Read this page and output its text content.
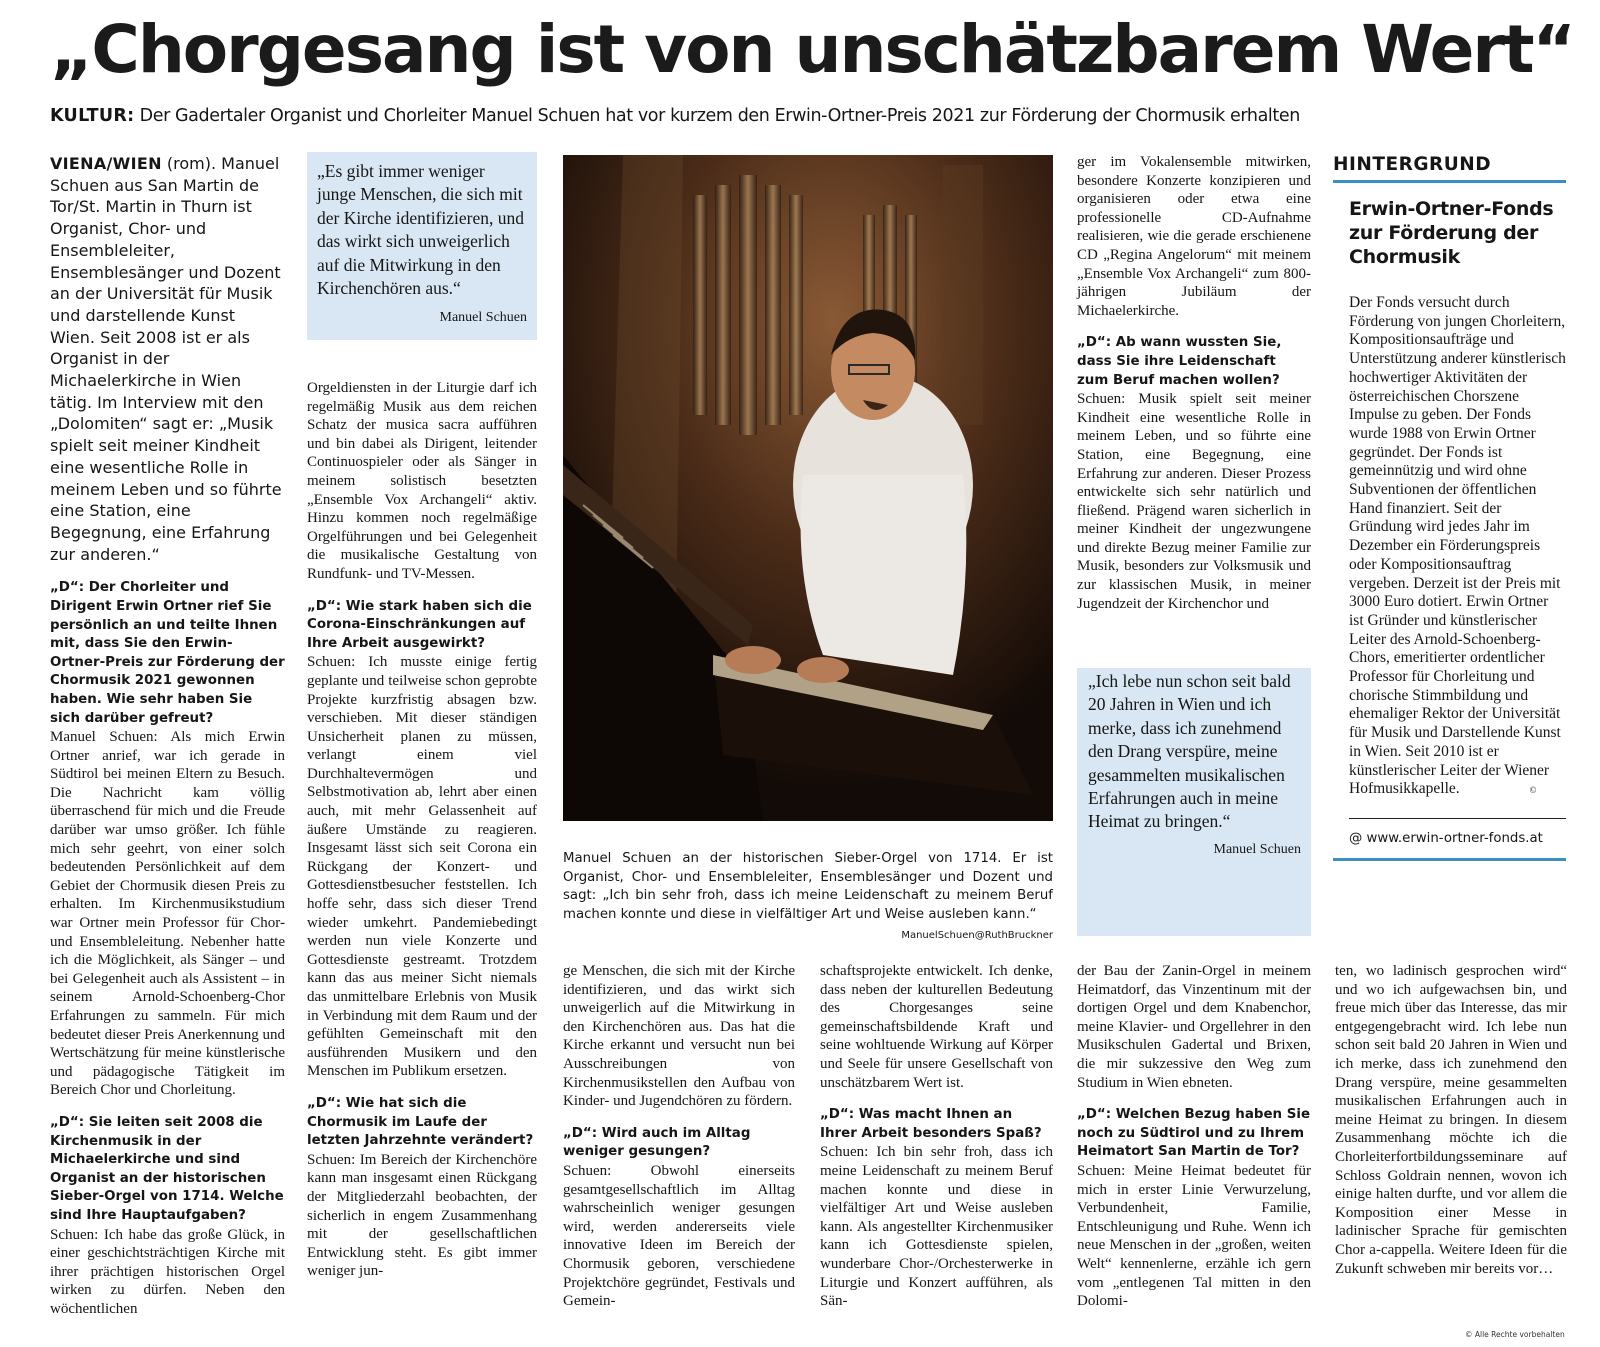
„Chorgesang ist von unschätzbarem Wert“

KULTUR: Der Gadertaler Organist und Chorleiter Manuel Schuen hat vor kurzem den Erwin-Ortner-Preis 2021 zur Förderung der Chormusik erhalten

VIENA/WIEN (rom). Manuel Schuen aus San Martin de Tor/St. Martin in Thurn ist Organist, Chor- und Ensembleleiter, Ensemblesänger und Dozent an der Universität für Musik und darstellende Kunst Wien. Seit 2008 ist er als Organist in der Michaelerkirche in Wien tätig. Im Interview mit den „Dolomiten“ sagt er: „Musik spielt seit meiner Kindheit eine wesentliche Rolle in meinem Leben und so führte eine Station, eine Begegnung, eine Erfahrung zur anderen.“

„D“: Der Chorleiter und Dirigent Erwin Ortner rief Sie persönlich an und teilte Ihnen mit, dass Sie den Erwin-Ortner-Preis zur Förderung der Chormusik 2021 gewonnen haben. Wie sehr haben Sie sich darüber gefreut?

Manuel Schuen: Als mich Erwin Ortner anrief, war ich gerade in Südtirol bei meinen Eltern zu Besuch. Die Nachricht kam völlig überraschend für mich und die Freude darüber war umso größer. Ich fühle mich sehr geehrt, von einer solch bedeutenden Persönlichkeit auf dem Gebiet der Chormusik diesen Preis zu erhalten. Im Kirchenmusikstudium war Ortner mein Professor für Chor- und Ensembleleitung. Nebenher hatte ich die Möglichkeit, als Sänger – und bei Gelegenheit auch als Assistent – in seinem Arnold-Schoenberg-Chor Erfahrungen zu sammeln. Für mich bedeutet dieser Preis Anerkennung und Wertschätzung für meine künstlerische und pädagogische Tätigkeit im Bereich Chor und Chorleitung.

„D“: Sie leiten seit 2008 die Kirchenmusik in der Michaelerkirche und sind Organist an der historischen Sieber-Orgel von 1714. Welche sind Ihre Hauptaufgaben?

Schuen: Ich habe das große Glück, in einer geschichtsträchtigen Kirche mit ihrer prächtigen historischen Orgel wirken zu dürfen. Neben den wöchentlichen

„Es gibt immer weniger junge Menschen, die sich mit der Kirche identifizieren, und das wirkt sich unweigerlich auf die Mitwirkung in den Kirchenchören aus.“

Manuel Schuen

Orgeldiensten in der Liturgie darf ich regelmäßig Musik aus dem reichen Schatz der musica sacra aufführen und bin dabei als Dirigent, leitender Continuospieler oder als Sänger in meinem solistisch besetzten „Ensemble Vox Archangeli“ aktiv. Hinzu kommen noch regelmäßige Orgelführungen und bei Gelegenheit die musikalische Gestaltung von Rundfunk- und TV-Messen.

„D“: Wie stark haben sich die Corona-Einschränkungen auf Ihre Arbeit ausgewirkt?

Schuen: Ich musste einige fertig geplante und teilweise schon geprobte Projekte kurzfristig absagen bzw. verschieben. Mit dieser ständigen Unsicherheit planen zu müssen, verlangt einem viel Durchhaltevermögen und Selbstmotivation ab, lehrt aber einen auch, mit mehr Gelassenheit auf äußere Umstände zu reagieren. Insgesamt lässt sich seit Corona ein Rückgang der Konzert- und Gottesdienstbesucher feststellen. Ich hoffe sehr, dass sich dieser Trend wieder umkehrt. Pandemiebedingt werden nun viele Konzerte und Gottesdienste gestreamt. Trotzdem kann das aus meiner Sicht niemals das unmittelbare Erlebnis von Musik in Verbindung mit dem Raum und der gefühlten Gemeinschaft mit den ausführenden Musikern und den Menschen im Publikum ersetzen.

„D“: Wie hat sich die Chormusik im Laufe der letzten Jahrzehnte verändert?

Schuen: Im Bereich der Kirchenchöre kann man insgesamt einen Rückgang der Mitgliederzahl beobachten, der sicherlich in engem Zusammenhang mit der gesellschaftlichen Entwicklung steht. Es gibt immer weniger jun-

Manuel Schuen an der historischen Sieber-Orgel von 1714. Er ist Organist, Chor- und Ensembleleiter, Ensemblesänger und Dozent und sagt: „Ich bin sehr froh, dass ich meine Leidenschaft zu meinem Beruf machen konnte und diese in vielfältiger Art und Weise ausleben kann.“

ManuelSchuen@RuthBruckner

ge Menschen, die sich mit der Kirche identifizieren, und das wirkt sich unweigerlich auf die Mitwirkung in den Kirchenchören aus. Das hat die Kirche erkannt und versucht nun bei Ausschreibungen von Kirchenmusikstellen den Aufbau von Kinder- und Jugendchören zu fördern.

„D“: Wird auch im Alltag weniger gesungen?

Schuen: Obwohl einerseits gesamtgesellschaftlich im Alltag wahrscheinlich weniger gesungen wird, werden andererseits viele innovative Ideen im Bereich der Chormusik geboren, verschiedene Projektchöre gegründet, Festivals und Gemein-

schaftsprojekte entwickelt. Ich denke, dass neben der kulturellen Bedeutung des Chorgesanges seine gemeinschaftsbildende Kraft und seine wohltuende Wirkung auf Körper und Seele für unsere Gesellschaft von unschätzbarem Wert ist.

„D“: Was macht Ihnen an Ihrer Arbeit besonders Spaß?

Schuen: Ich bin sehr froh, dass ich meine Leidenschaft zu meinem Beruf machen konnte und diese in vielfältiger Art und Weise ausleben kann. Als angestellter Kirchenmusiker kann ich Gottesdienste spielen, wunderbare Chor-/Orchesterwerke in Liturgie und Konzert aufführen, als Sän-

ger im Vokalensemble mitwirken, besondere Konzerte konzipieren und organisieren oder etwa eine professionelle CD-Aufnahme realisieren, wie die gerade erschienene CD „Regina Angelorum“ mit meinem „Ensemble Vox Archangeli“ zum 800-jährigen Jubiläum der Michaelerkirche.

„D“: Ab wann wussten Sie, dass Sie ihre Leidenschaft zum Beruf machen wollen?

Schuen: Musik spielt seit meiner Kindheit eine wesentliche Rolle in meinem Leben, und so führte eine Station, eine Begegnung, eine Erfahrung zur anderen. Dieser Prozess entwickelte sich sehr natürlich und fließend. Prägend waren sicherlich in meiner Kindheit der ungezwungene und direkte Bezug meiner Familie zur Musik, besonders zur Volksmusik und zur klassischen Musik, in meiner Jugendzeit der Kirchenchor und

„Ich lebe nun schon seit bald 20 Jahren in Wien und ich merke, dass ich zunehmend den Drang verspüre, meine gesammelten musikalischen Erfahrungen auch in meine Heimat zu bringen.“

Manuel Schuen

der Bau der Zanin-Orgel in meinem Heimatdorf, das Vinzentinum mit der dortigen Orgel und dem Knabenchor, meine Klavier- und Orgellehrer in den Musikschulen Gadertal und Brixen, die mir sukzessive den Weg zum Studium in Wien ebneten.

„D“: Welchen Bezug haben Sie noch zu Südtirol und zu Ihrem Heimatort San Martin de Tor?

Schuen: Meine Heimat bedeutet für mich in erster Linie Verwurzelung, Verbundenheit, Familie, Entschleunigung und Ruhe. Wenn ich neue Menschen in der „großen, weiten Welt“ kennenlerne, erzähle ich gern vom „entlegenen Tal mitten in den Dolomi-

ten, wo ladinisch gesprochen wird“ und wo ich aufgewachsen bin, und freue mich über das Interesse, das mir entgegengebracht wird. Ich lebe nun schon seit bald 20 Jahren in Wien und ich merke, dass ich zunehmend den Drang verspüre, meine gesammelten musikalischen Erfahrungen auch in meine Heimat zu bringen. In diesem Zusammenhang möchte ich die Chorleiterfortbildungsseminare auf Schloss Goldrain nennen, wovon ich einige halten durfte, und vor allem die Komposition einer Messe in ladinischer Sprache für gemischten Chor a-cappella. Weitere Ideen für die Zukunft schweben mir bereits vor…

HINTERGRUND

Erwin-Ortner-Fonds zur Förderung der Chormusik

Der Fonds versucht durch Förderung von jungen Chorleitern, Kompositionsaufträge und Unterstützung anderer künstlerisch hochwertiger Aktivitäten der österreichischen Chorszene Impulse zu geben. Der Fonds wurde 1988 von Erwin Ortner gegründet. Der Fonds ist gemeinnützig und wird ohne Subventionen der öffentlichen Hand finanziert. Seit der Gründung wird jedes Jahr im Dezember ein Förderungspreis oder Kompositionsauftrag vergeben. Derzeit ist der Preis mit 3000 Euro dotiert. Erwin Ortner ist Gründer und künstlerischer Leiter des Arnold-Schoenberg-Chors, emeritierter ordentlicher Professor für Chorleitung und chorische Stimmbildung und ehemaliger Rektor der Universität für Musik und Darstellende Kunst in Wien. Seit 2010 ist er künstlerischer Leiter der Wiener Hofmusikkapelle.	©

@ www.erwin-ortner-fonds.at

© Alle Rechte vorbehalten
